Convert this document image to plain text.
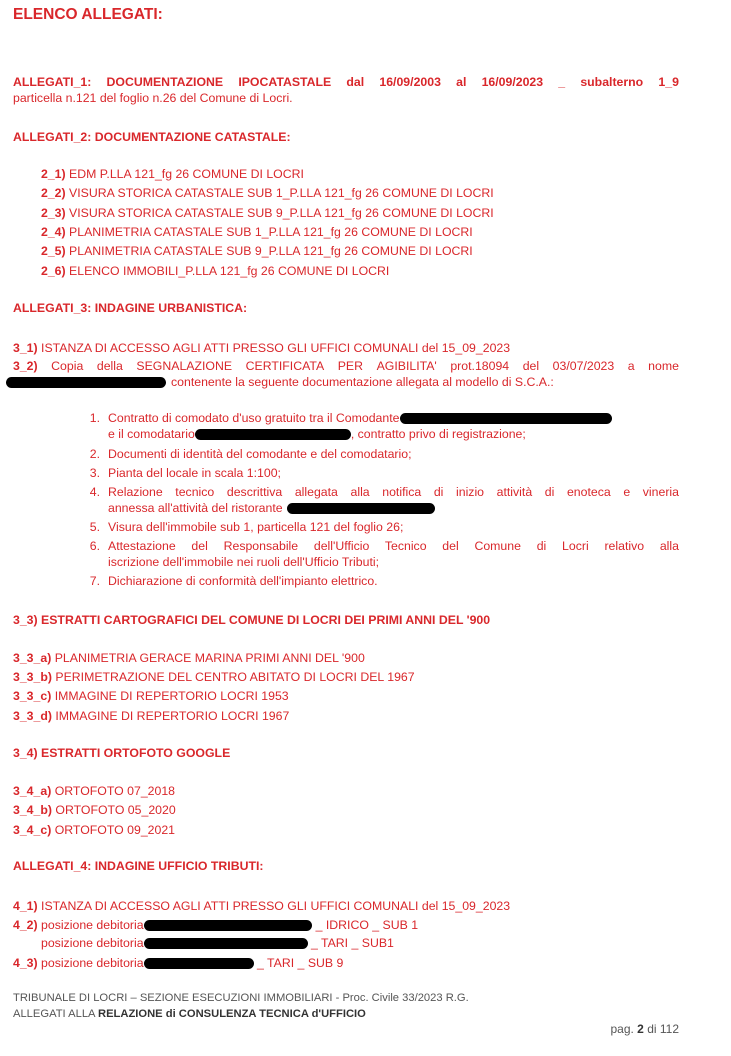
ELENCO ALLEGATI:
ALLEGATI_1: DOCUMENTAZIONE IPOCATASTALE dal 16/09/2003 al 16/09/2023 _ subalterno 1_9
particella n.121 del foglio n.26 del Comune di Locri.
ALLEGATI_2: DOCUMENTAZIONE CATASTALE:
2_1) EDM P.LLA 121_fg 26 COMUNE DI LOCRI
2_2) VISURA STORICA CATASTALE SUB 1_P.LLA 121_fg 26 COMUNE DI LOCRI
2_3) VISURA STORICA CATASTALE SUB 9_P.LLA 121_fg 26 COMUNE DI LOCRI
2_4) PLANIMETRIA CATASTALE SUB 1_P.LLA 121_fg 26 COMUNE DI LOCRI
2_5) PLANIMETRIA CATASTALE SUB 9_P.LLA 121_fg 26 COMUNE DI LOCRI
2_6) ELENCO IMMOBILI_P.LLA 121_fg 26 COMUNE DI LOCRI
ALLEGATI_3: INDAGINE URBANISTICA:
3_1) ISTANZA DI ACCESSO AGLI ATTI PRESSO GLI UFFICI COMUNALI del 15_09_2023
3_2) Copia della SEGNALAZIONE CERTIFICATA PER AGIBILITA' prot.18094 del 03/07/2023 a nome
contenente la seguente documentazione allegata al modello di S.C.A.:
1. Contratto di comodato d'uso gratuito tra il Comodante
e il comodatario	, contratto privo di registrazione;
2. Documenti di identità del comodante e del comodatario;
3. Pianta del locale in scala 1:100;
4. Relazione tecnico descrittiva allegata alla notifica di inizio attività di enoteca e vineria
annessa all'attività del ristorante
5. Visura dell'immobile sub 1, particella 121 del foglio 26;
6. Attestazione del Responsabile dell'Ufficio Tecnico del Comune di Locri relativo alla
iscrizione dell'immobile nei ruoli dell'Ufficio Tributi;
7. Dichiarazione di conformità dell'impianto elettrico.
3_3) ESTRATTI CARTOGRAFICI DEL COMUNE DI LOCRI DEI PRIMI ANNI DEL '900
3_3_a) PLANIMETRIA GERACE MARINA PRIMI ANNI DEL '900
3_3_b) PERIMETRAZIONE DEL CENTRO ABITATO DI LOCRI DEL 1967
3_3_c) IMMAGINE DI REPERTORIO LOCRI 1953
3_3_d) IMMAGINE DI REPERTORIO LOCRI 1967
3_4) ESTRATTI ORTOFOTO GOOGLE
3_4_a) ORTOFOTO 07_2018
3_4_b) ORTOFOTO 05_2020
3_4_c) ORTOFOTO 09_2021
ALLEGATI_4: INDAGINE UFFICIO TRIBUTI:
4_1) ISTANZA DI ACCESSO AGLI ATTI PRESSO GLI UFFICI COMUNALI del 15_09_2023
4_2) posizione debitoria	_ IDRICO _ SUB 1
posizione debitoria	_ TARI _ SUB1
4_3) posizione debitoria	_ TARI _ SUB 9
TRIBUNALE DI LOCRI – SEZIONE ESECUZIONI IMMOBILIARI - Proc. Civile 33/2023 R.G.
ALLEGATI ALLA RELAZIONE di CONSULENZA TECNICA d'UFFICIO
pag. 2 di 112
